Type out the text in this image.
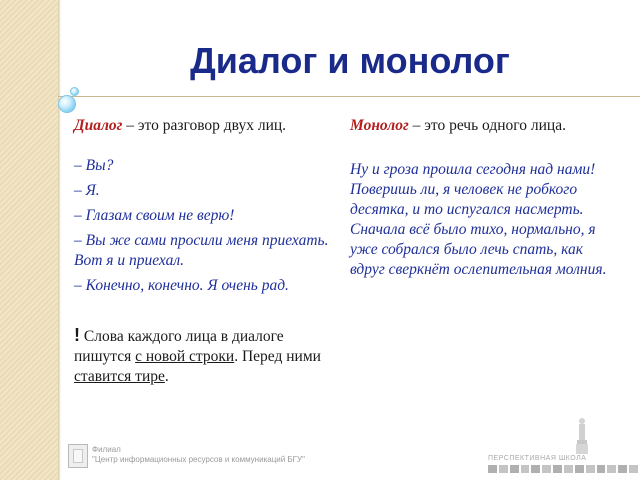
Диалог и монолог

Диалог – это разговор двух лиц.

– Вы?

– Я.

– Глазам своим не верю!

– Вы же сами просили меня приехать. Вот я и приехал.

– Конечно, конечно. Я очень рад.

! Слова каждого лица в диалоге пишутся с новой строки. Перед ними ставится тире.

Монолог – это речь одного лица.

Ну и гроза прошла сегодня над нами! Поверишь ли, я человек не робкого десятка, и то испугался насмерть. Сначала всё было тихо, нормально, я уже собрался было лечь спать, как вдруг сверкнёт ослепительная молния.

Филиал
"Центр информационных ресурсов и коммуникаций БГУ"	ПЕРСПЕКТИВНАЯ ШКОЛА
